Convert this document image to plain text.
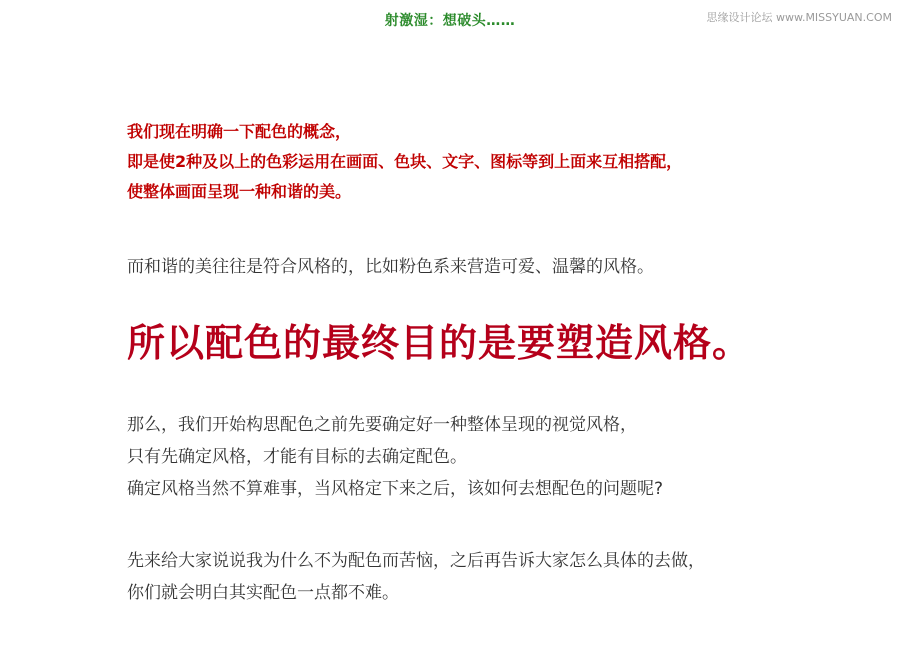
射激湿：想破头……	思缘设计论坛 www.MISSYUAN.COM
我们现在明确一下配色的概念，
即是使2种及以上的色彩运用在画面、色块、文字、图标等到上面来互相搭配，
使整体画面呈现一种和谐的美。
而和谐的美往往是符合风格的，比如粉色系来营造可爱、温馨的风格。
所以配色的最终目的是要塑造风格。
那么，我们开始构思配色之前先要确定好一种整体呈现的视觉风格，
只有先确定风格，才能有目标的去确定配色。
确定风格当然不算难事，当风格定下来之后，该如何去想配色的问题呢?
先来给大家说说我为什么不为配色而苦恼，之后再告诉大家怎么具体的去做，
你们就会明白其实配色一点都不难。
